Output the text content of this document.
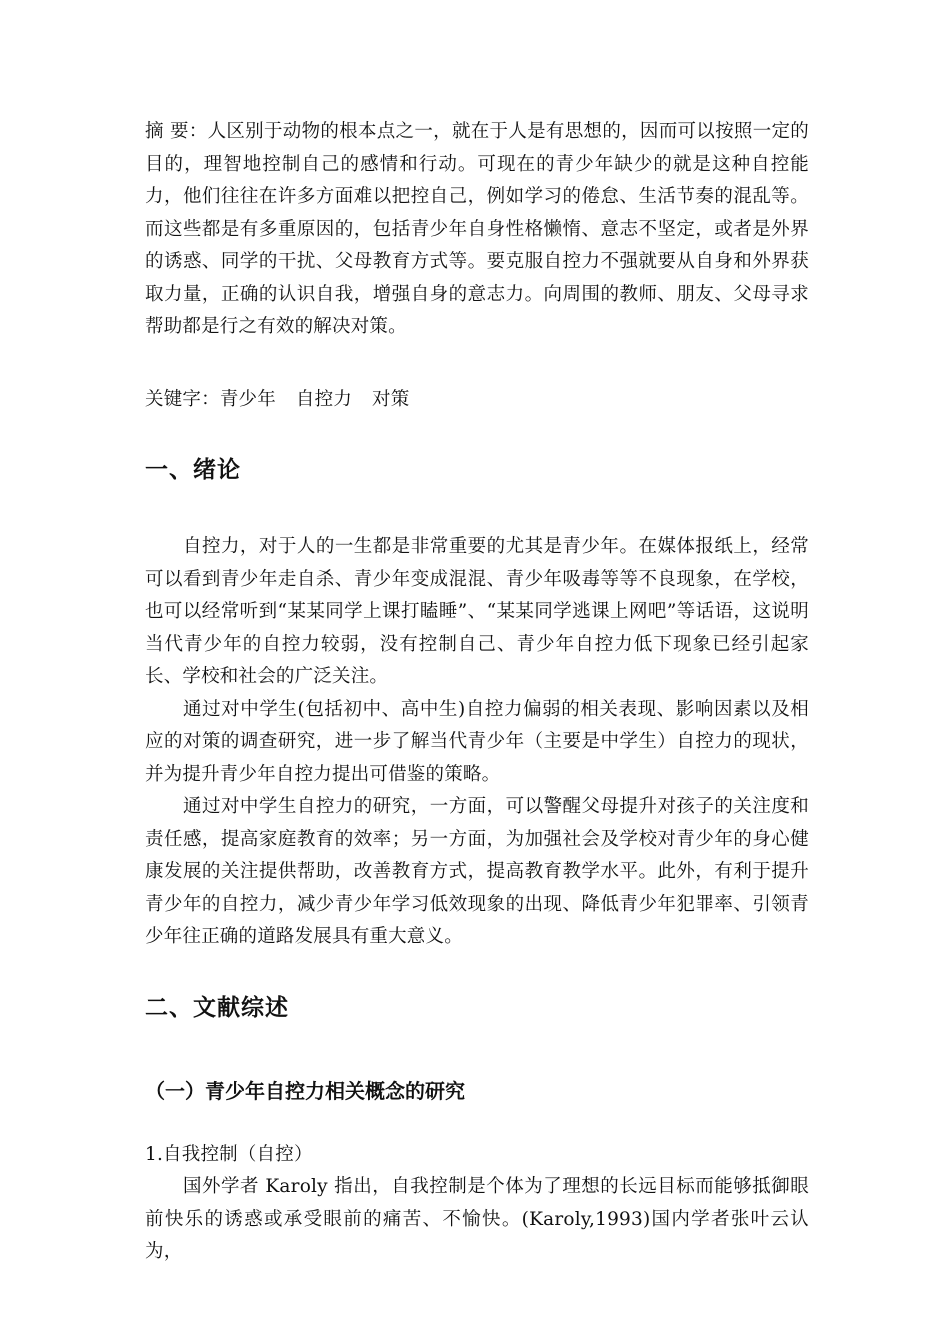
摘 要：人区别于动物的根本点之一，就在于人是有思想的，因而可以按照一定的目的，理智地控制自己的感情和行动。可现在的青少年缺少的就是这种自控能力，他们往往在许多方面难以把控自己，例如学习的倦怠、生活节奏的混乱等。而这些都是有多重原因的，包括青少年自身性格懒惰、意志不坚定，或者是外界的诱惑、同学的干扰、父母教育方式等。要克服自控力不强就要从自身和外界获取力量，正确的认识自我，增强自身的意志力。向周围的教师、朋友、父母寻求帮助都是行之有效的解决对策。

关键字：青少年 自控力 对策

一、绪论

自控力，对于人的一生都是非常重要的尤其是青少年。在媒体报纸上，经常可以看到青少年走自杀、青少年变成混混、青少年吸毒等等不良现象，在学校，也可以经常听到“某某同学上课打瞌睡”、“某某同学逃课上网吧”等话语，这说明当代青少年的自控力较弱，没有控制自己、青少年自控力低下现象已经引起家长、学校和社会的广泛关注。

通过对中学生(包括初中、高中生)自控力偏弱的相关表现、影响因素以及相应的对策的调查研究，进一步了解当代青少年（主要是中学生）自控力的现状，并为提升青少年自控力提出可借鉴的策略。

通过对中学生自控力的研究，一方面，可以警醒父母提升对孩子的关注度和责任感，提高家庭教育的效率；另一方面，为加强社会及学校对青少年的身心健康发展的关注提供帮助，改善教育方式，提高教育教学水平。此外，有利于提升青少年的自控力，减少青少年学习低效现象的出现、降低青少年犯罪率、引领青少年往正确的道路发展具有重大意义。

二、文献综述
（一）青少年自控力相关概念的研究

1.自我控制（自控）

国外学者 Karoly 指出，自我控制是个体为了理想的长远目标而能够抵御眼前快乐的诱惑或承受眼前的痛苦、不愉快。(Karoly,1993)国内学者张叶云认为，
